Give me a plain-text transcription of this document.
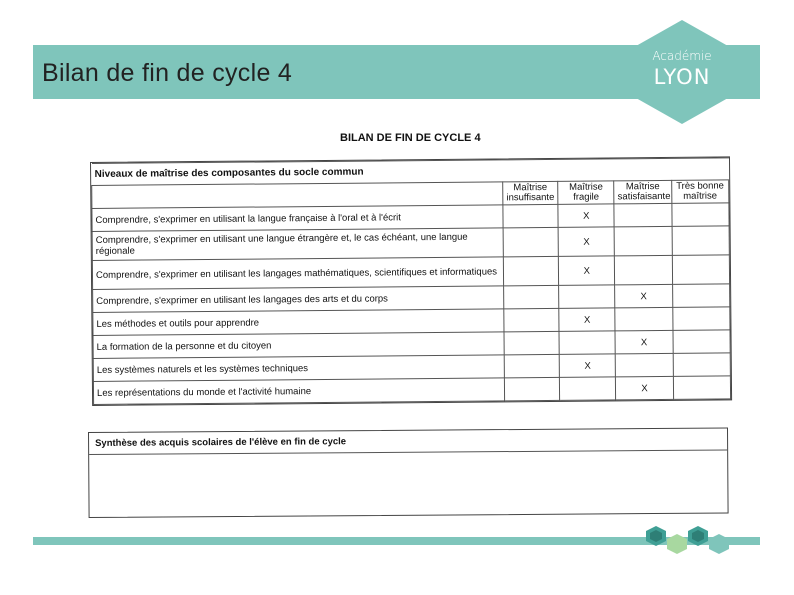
Bilan de fin de cycle 4
Académie
LYON
BILAN DE FIN DE CYCLE 4
Niveaux de maîtrise des composantes du socle commun				
	Maîtrise insuffisante	Maîtrise fragile	Maîtrise satisfaisante	Très bonne maîtrise
Comprendre, s'exprimer en utilisant la langue française à l'oral et à l'écrit		X		
Comprendre, s'exprimer en utilisant une langue étrangère et, le cas échéant, une langue régionale		X		
Comprendre, s'exprimer en utilisant les langages mathématiques, scientifiques et informatiques		X		
Comprendre, s'exprimer en utilisant les langages des arts et du corps			X	
Les méthodes et outils pour apprendre		X		
La formation de la personne et du citoyen			X	
Les systèmes naturels et les systèmes techniques		X		
Les représentations du monde et l'activité humaine			X	
Synthèse des acquis scolaires de l'élève en fin de cycle
